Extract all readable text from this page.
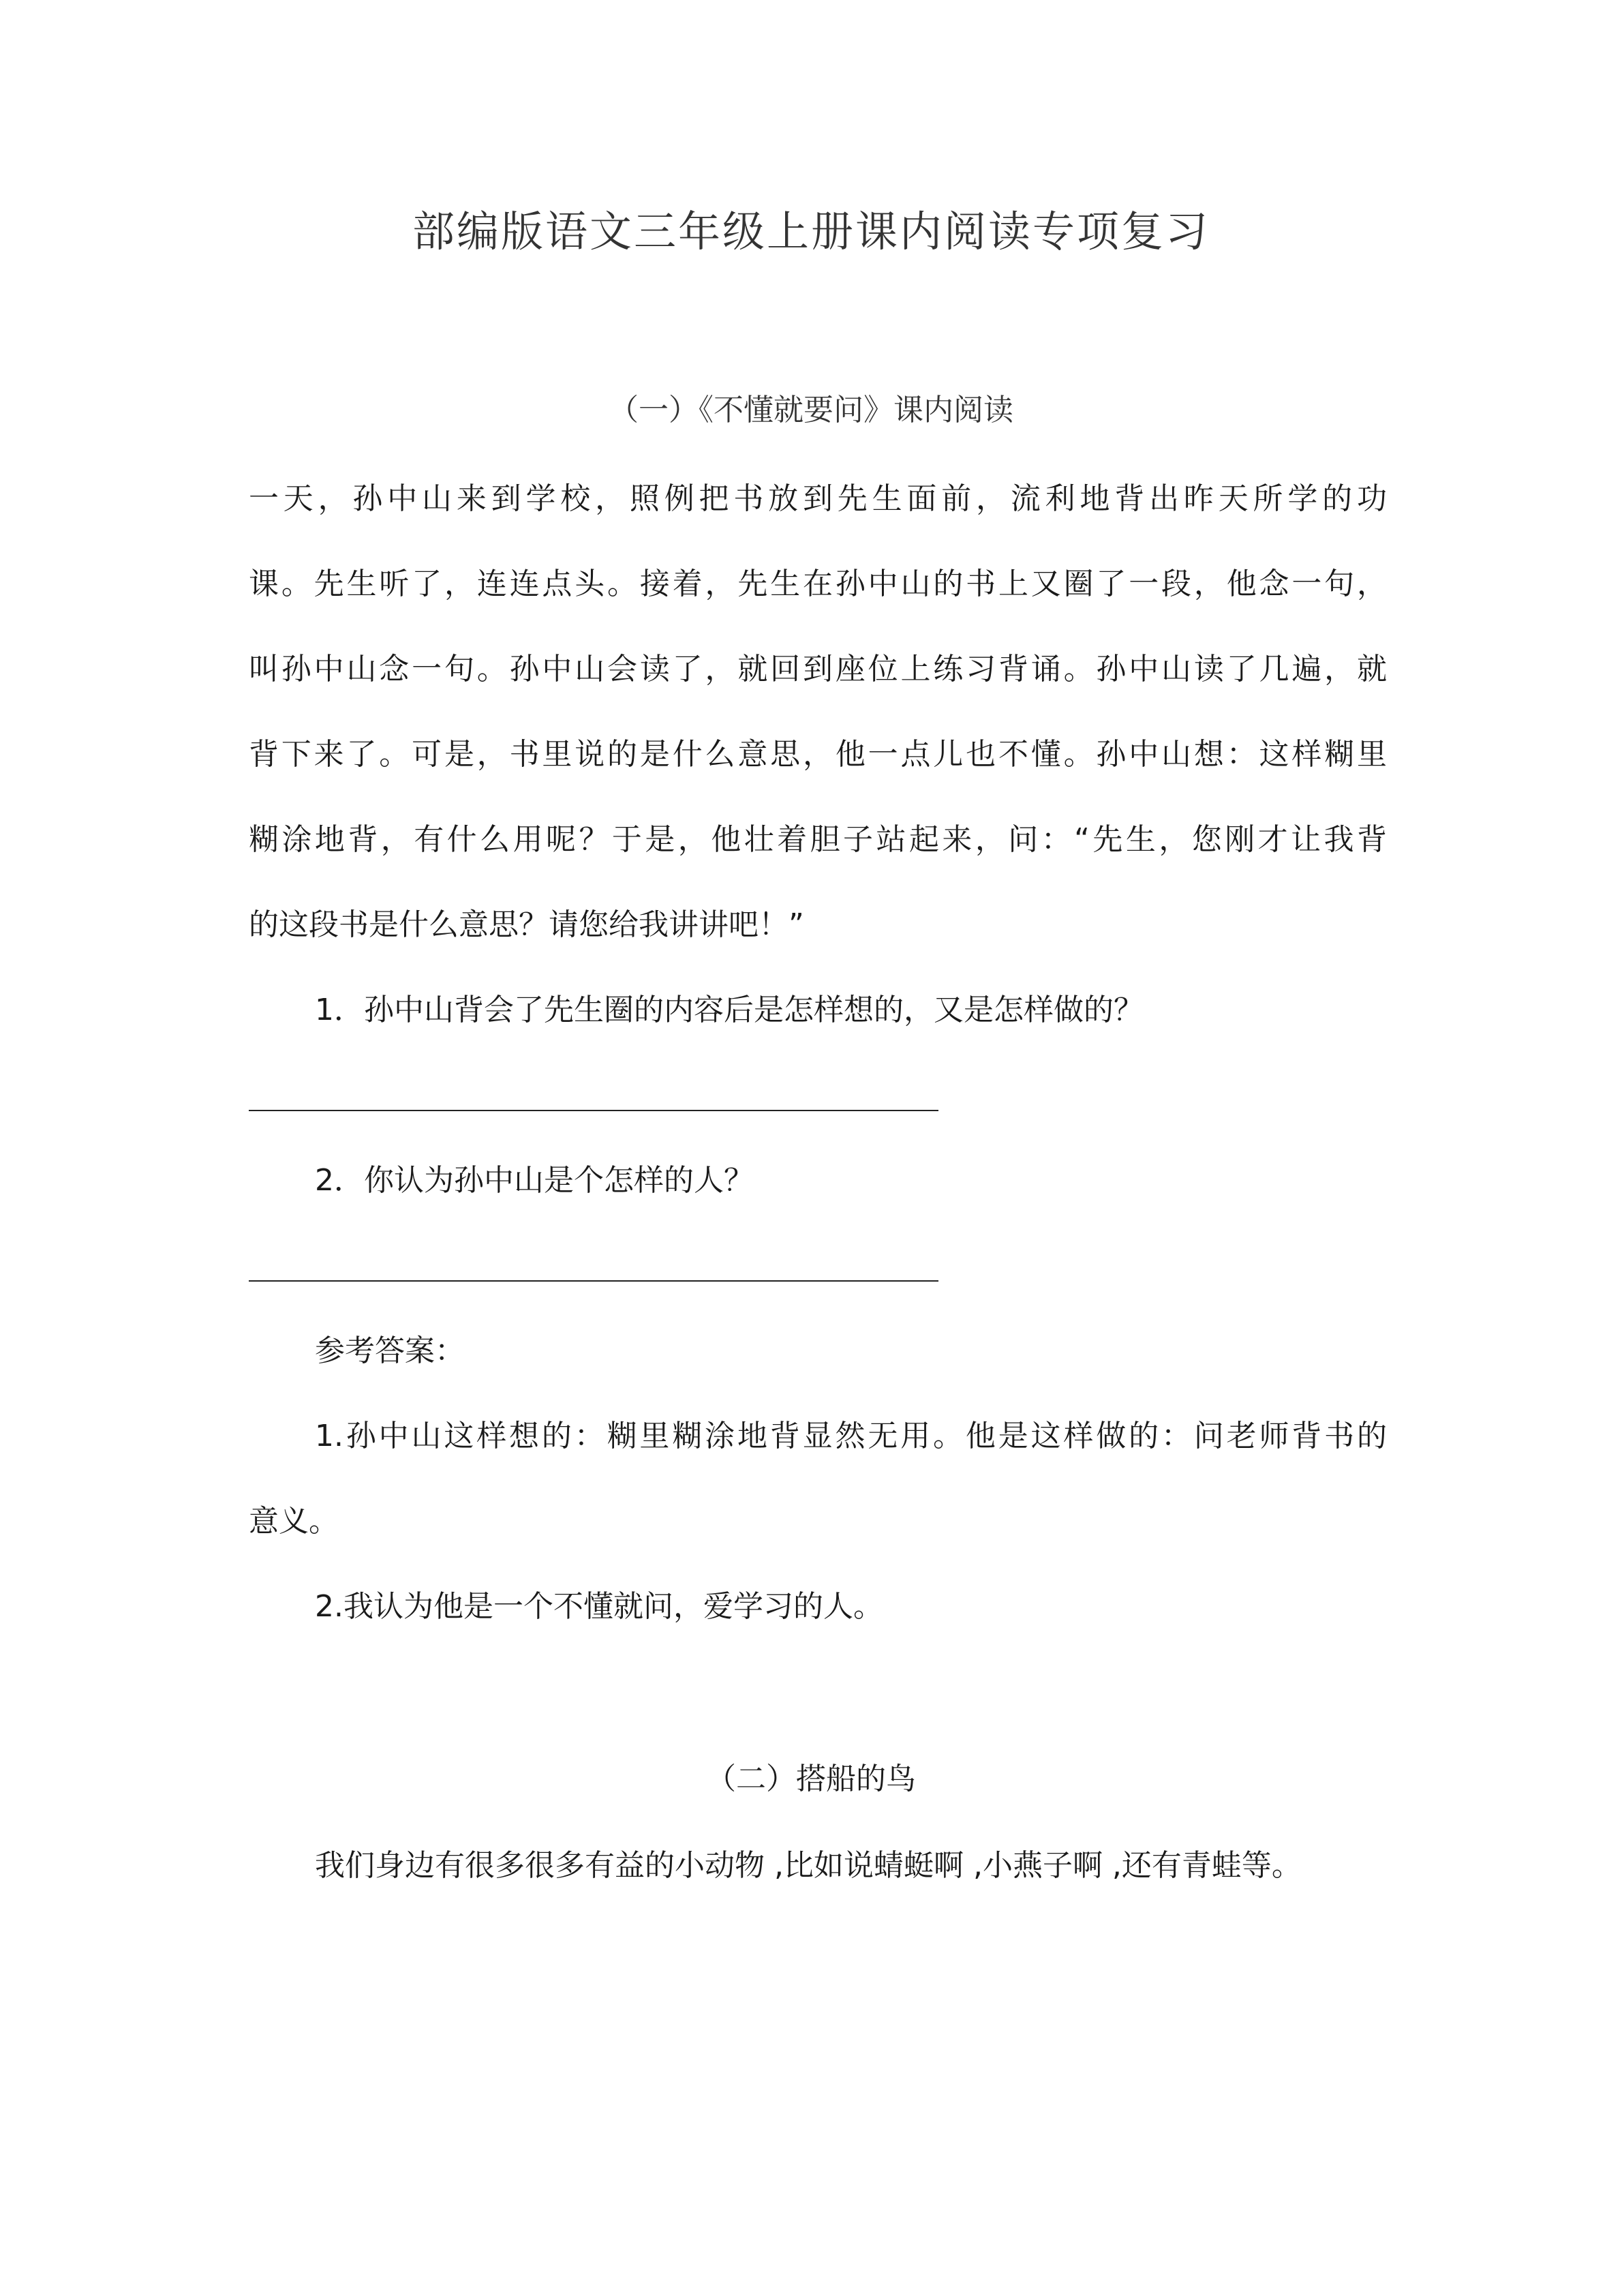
部编版语文三年级上册课内阅读专项复习
（一）《不懂就要问》课内阅读
一天，孙中山来到学校，照例把书放到先生面前，流利地背出昨天所学的功
课。先生听了，连连点头。接着，先生在孙中山的书上又圈了一段，他念一句，
叫孙中山念一句。孙中山会读了，就回到座位上练习背诵。孙中山读了几遍，就
背下来了。可是，书里说的是什么意思，他一点儿也不懂。孙中山想：这样糊里
糊涂地背，有什么用呢？于是，他壮着胆子站起来，问：“先生，您刚才让我背
的这段书是什么意思？请您给我讲讲吧！”
1．孙中山背会了先生圈的内容后是怎样想的，又是怎样做的？
2．你认为孙中山是个怎样的人？
参考答案：
1.孙中山这样想的：糊里糊涂地背显然无用。他是这样做的：问老师背书的
意义。
2.我认为他是一个不懂就问，爱学习的人。
（二）搭船的鸟
我们身边有很多很多有益的小动物 ,比如说蜻蜓啊 ,小燕子啊 ,还有青蛙等。
